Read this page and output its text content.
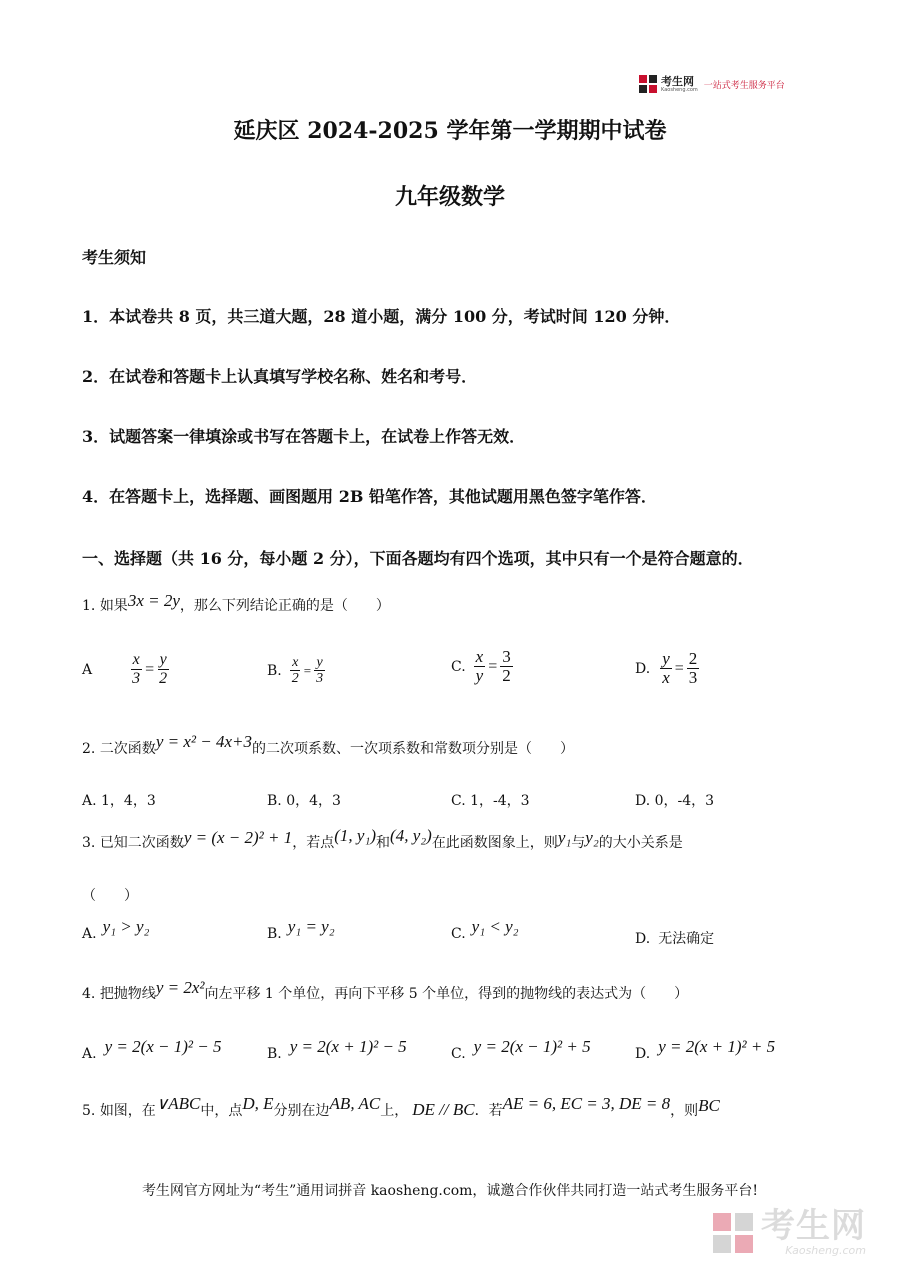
考生网
Kaosheng.com 一站式考生服务平台
延庆区 2024-2025 学年第一学期期中试卷
九年级数学
考生须知
1．本试卷共 8 页，共三道大题，28 道小题，满分 100 分，考试时间 120 分钟．
2．在试卷和答题卡上认真填写学校名称、姓名和考号．
3．试题答案一律填涂或书写在答题卡上，在试卷上作答无效．
4．在答题卡上，选择题、画图题用 2B 铅笔作答，其他试题用黑色签字笔作答．
一、选择题（共 16 分，每小题 2 分），下面各题均有四个选项，其中只有一个是符合题意的．
1. 如果3x = 2y，那么下列结论正确的是（　　）
A $\frac{x}{3} = \frac{y}{2}$	B. $\frac{x}{2} = \frac{y}{3}$	C. $\frac{x}{y} = \frac{3}{2}$	D. $\frac{y}{x} = \frac{2}{3}$
2. 二次函数y = x² − 4x+3的二次项系数、一次项系数和常数项分别是（　　）
A. 1，4，3	B. 0，4，3	C. 1，-4，3	D. 0，-4，3
3. 已知二次函数y = (x − 2)² + 1，若点(1, y₁)和(4, y₂)在此函数图象上，则y₁与y₂的大小关系是
（　　）
A. y₁ > y₂	B. y₁ = y₂	C. y₁ < y₂
D. 无法确定
4. 把抛物线y = 2x²向左平移 1 个单位，再向下平移 5 个单位，得到的抛物线的表达式为（　　）
A. y = 2(x − 1)² − 5	B. y = 2(x + 1)² − 5	C. y = 2(x − 1)² + 5	D. y = 2(x + 1)² + 5
5. 如图，在∨ABC中，点D, E分别在边AB, AC上， DE // BC．若AE = 6, EC = 3, DE = 8，则BC
考生网官方网址为“考生”通用词拼音 kaosheng.com，诚邀合作伙伴共同打造一站式考生服务平台!
考生网
Kaosheng.com
